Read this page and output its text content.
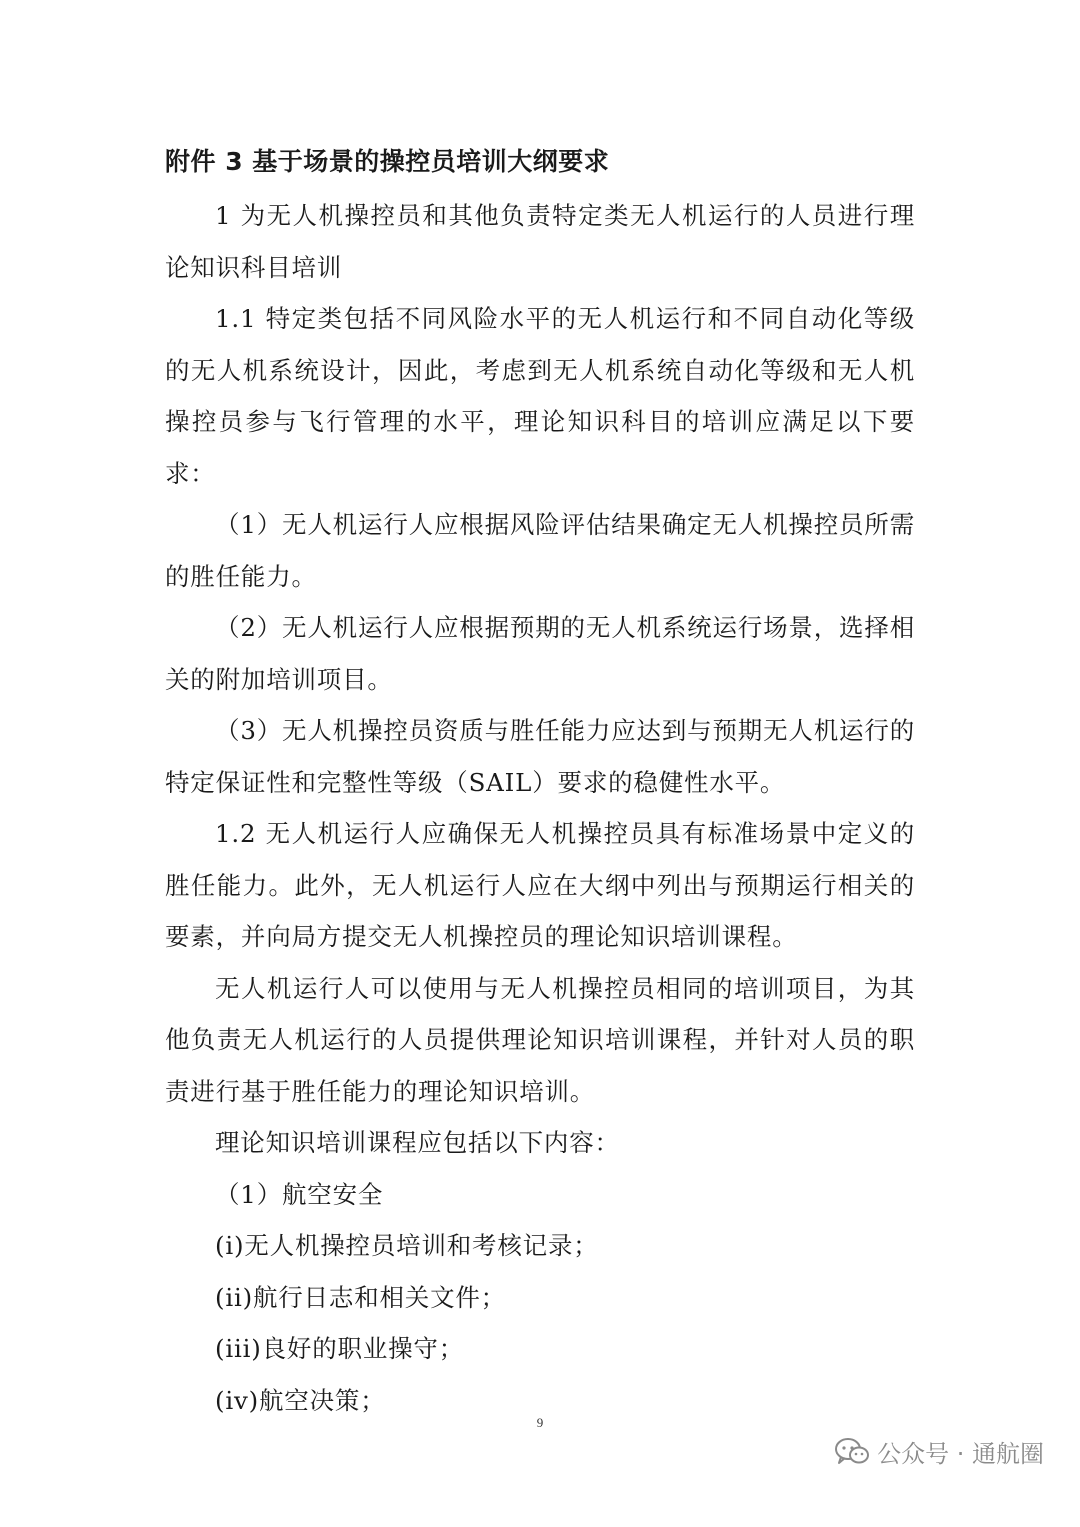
附件 3 基于场景的操控员培训大纲要求

1 为无人机操控员和其他负责特定类无人机运行的人员进行理论知识科目培训

1.1 特定类包括不同风险水平的无人机运行和不同自动化等级的无人机系统设计，因此，考虑到无人机系统自动化等级和无人机操控员参与飞行管理的水平，理论知识科目的培训应满足以下要求：

（1）无人机运行人应根据风险评估结果确定无人机操控员所需的胜任能力。

（2）无人机运行人应根据预期的无人机系统运行场景，选择相关的附加培训项目。

（3）无人机操控员资质与胜任能力应达到与预期无人机运行的特定保证性和完整性等级（SAIL）要求的稳健性水平。

1.2 无人机运行人应确保无人机操控员具有标准场景中定义的胜任能力。此外，无人机运行人应在大纲中列出与预期运行相关的要素，并向局方提交无人机操控员的理论知识培训课程。

无人机运行人可以使用与无人机操控员相同的培训项目，为其他负责无人机运行的人员提供理论知识培训课程，并针对人员的职责进行基于胜任能力的理论知识培训。

理论知识培训课程应包括以下内容：

（1）航空安全

(i)无人机操控员培训和考核记录；

(ii)航行日志和相关文件；

(iii)良好的职业操守；

(iv)航空决策；

9
公众号 · 通航圈
